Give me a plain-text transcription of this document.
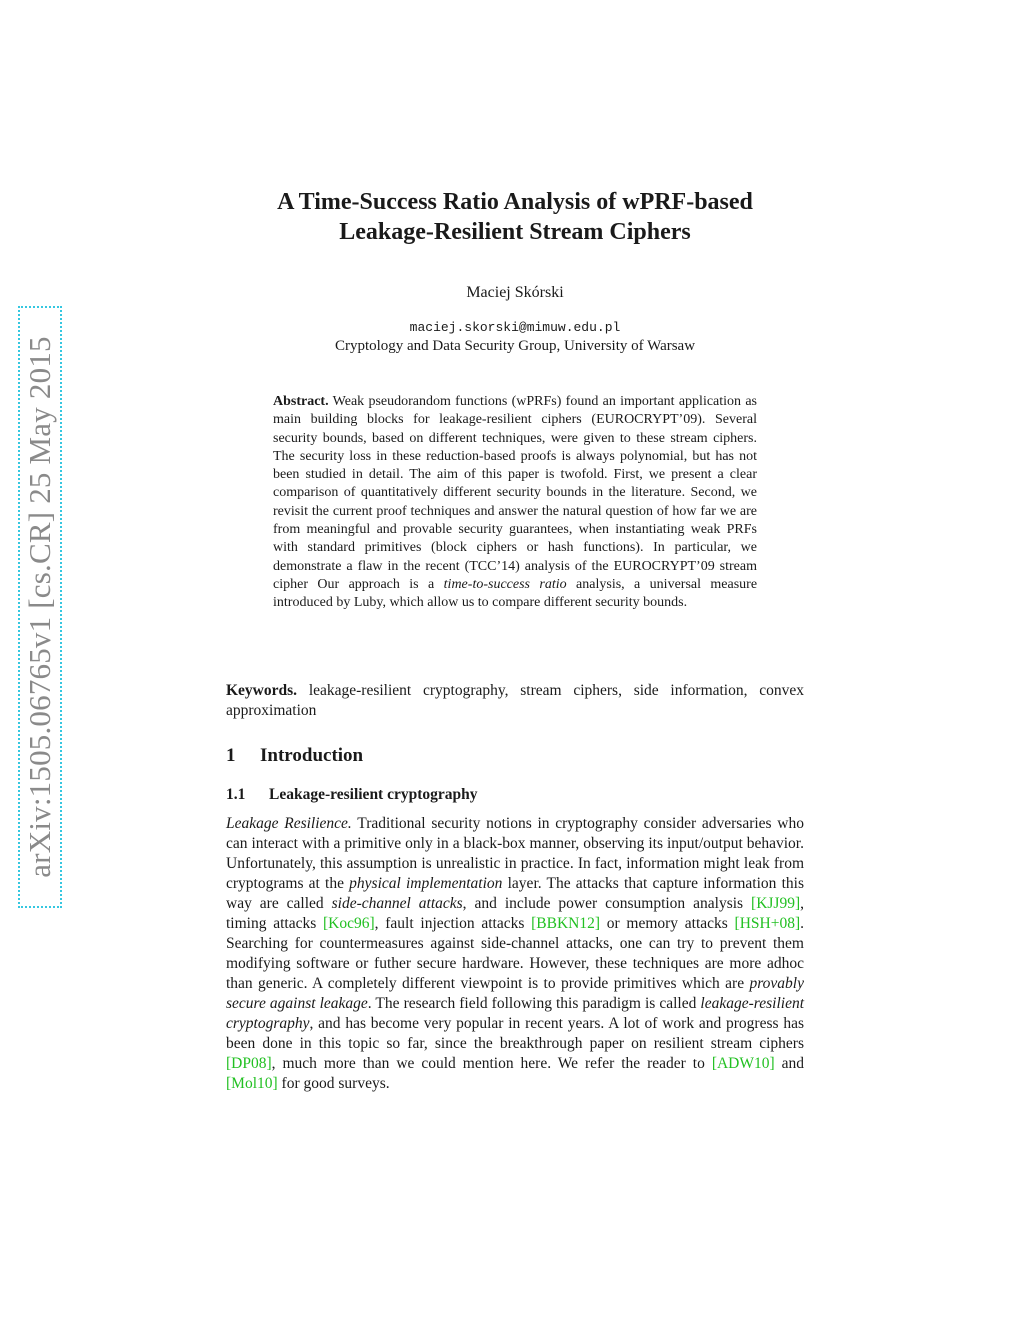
arXiv:1505.06765v1 [cs.CR] 25 May 2015
A Time-Success Ratio Analysis of wPRF-based
Leakage-Resilient Stream Ciphers
Maciej Skórski
maciej.skorski@mimuw.edu.pl
Cryptology and Data Security Group, University of Warsaw
Abstract. Weak pseudorandom functions (wPRFs) found an important application as main building blocks for leakage-resilient ciphers (EUROCRYPT’09). Several security bounds, based on different techniques, were given to these stream ciphers. The security loss in these reduction-based proofs is always polynomial, but has not been studied in detail. The aim of this paper is twofold. First, we present a clear comparison of quantitatively different security bounds in the literature. Second, we revisit the current proof techniques and answer the natural question of how far we are from meaningful and provable security guarantees, when instantiating weak PRFs with standard primitives (block ciphers or hash functions). In particular, we demonstrate a flaw in the recent (TCC’14) analysis of the EUROCRYPT’09 stream cipher Our approach is a time-to-success ratio analysis, a universal measure introduced by Luby, which allow us to compare different security bounds.
Keywords. leakage-resilient cryptography, stream ciphers, side information, convex approximation
1 Introduction
1.1 Leakage-resilient cryptography
Leakage Resilience. Traditional security notions in cryptography consider adversaries who can interact with a primitive only in a black-box manner, observing its input/output behavior. Unfortunately, this assumption is unrealistic in practice. In fact, information might leak from cryptograms at the physical implementation layer. The attacks that capture information this way are called side-channel attacks, and include power consumption analysis [KJJ99], timing attacks [Koc96], fault injection attacks [BBKN12] or memory attacks [HSH+08]. Searching for countermeasures against side-channel attacks, one can try to prevent them modifying software or futher secure hardware. However, these techniques are more adhoc than generic. A completely different viewpoint is to provide primitives which are provably secure against leakage. The research field following this paradigm is called leakage-resilient cryptography, and has become very popular in recent years. A lot of work and progress has been done in this topic so far, since the breakthrough paper on resilient stream ciphers [DP08], much more than we could mention here. We refer the reader to [ADW10] and [Mol10] for good surveys.
